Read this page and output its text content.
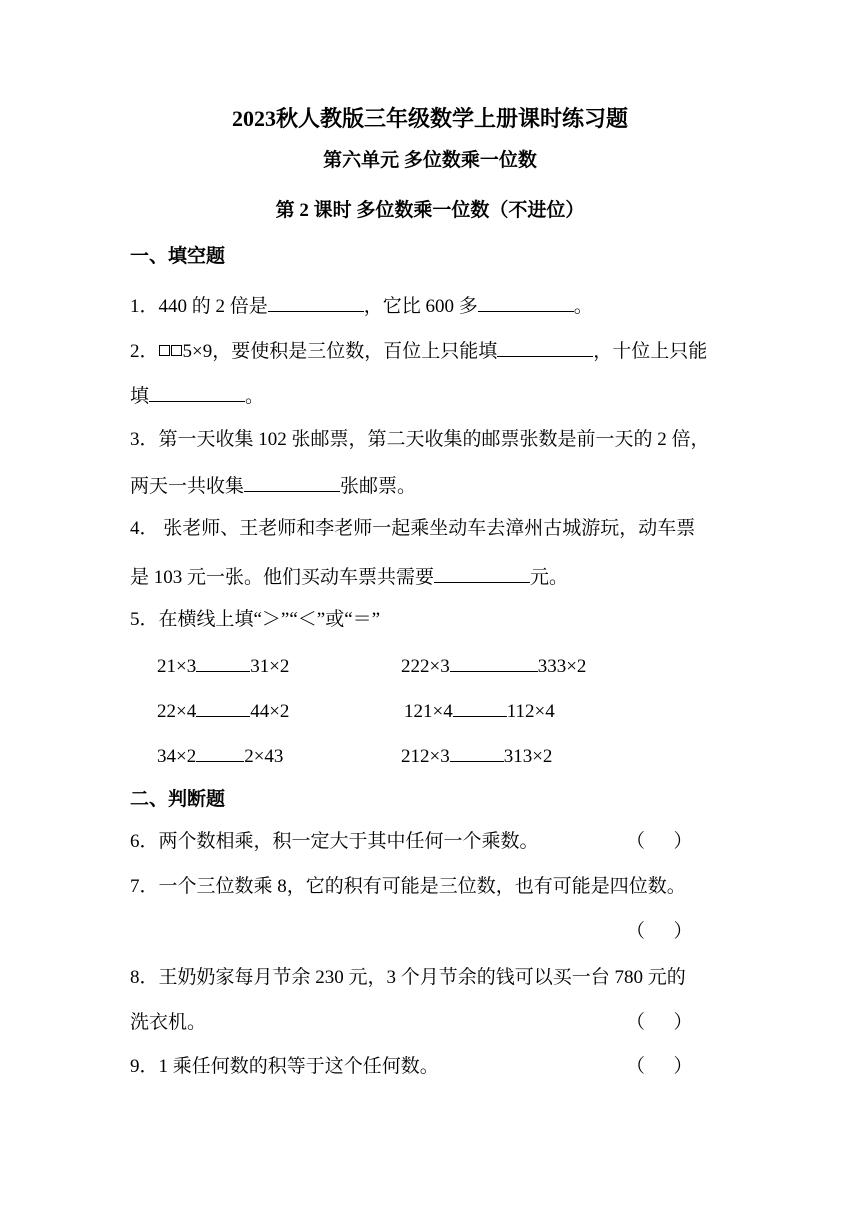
2023秋人教版三年级数学上册课时练习题
第六单元 多位数乘一位数
第 2 课时 多位数乘一位数（不进位）
一、填空题
1．440 的 2 倍是	，它比 600 多	。
2． 5×9，要使积是三位数，百位上只能填	，十位上只能
填	。
3．第一天收集 102 张邮票，第二天收集的邮票张数是前一天的 2 倍，
两天一共收集	张邮票。
4． 张老师、王老师和李老师一起乘坐动车去漳州古城游玩，动车票
是 103 元一张。他们买动车票共需要	元。
5．在横线上填“＞”“＜”或“＝”
21×3	31×2	222×3	333×2
22×4	44×2	121×4	112×4
34×2	2×43	212×3	313×2
二、判断题
6．两个数相乘，积一定大于其中任何一个乘数。	（      ）
7．一个三位数乘 8，它的积有可能是三位数，也有可能是四位数。
（      ）
8．王奶奶家每月节余 230 元，3 个月节余的钱可以买一台 780 元的
洗衣机。	（      ）
9．1 乘任何数的积等于这个任何数。	（      ）
